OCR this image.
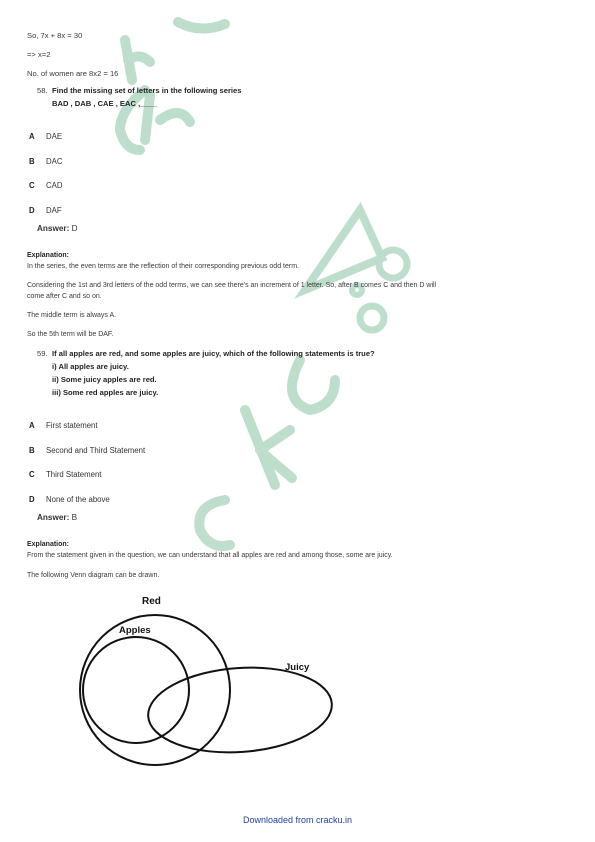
So, 7x + 8x = 30
=> x=2
No. of women are 8x2 = 16
58. Find the missing set of letters in the following series
BAD , DAB , CAE , EAC ,____
A DAE
B DAC
C CAD
D DAF
Answer: D
Explanation:
In the series, the even terms are the reflection of their corresponding previous odd term.
Considering the 1st and 3rd letters of the odd terms, we can see there's an increment of 1 letter. So, after B comes C and then D will
come after C and so on.
The middle term is always A.
So the 5th term will be DAF.
59. If all apples are red, and some apples are juicy, which of the following statements is true?
i) All apples are juicy.
ii) Some juicy apples are red.
iii) Some red apples are juicy.
A First statement
B Second and Third Statement
C Third Statement
D None of the above
Answer: B
Explanation:
From the statement given in the question, we can understand that all apples are red and among those, some are juicy.
The following Venn diagram can be drawn.
Red
Apples
Juicy
Downloaded from cracku.in
